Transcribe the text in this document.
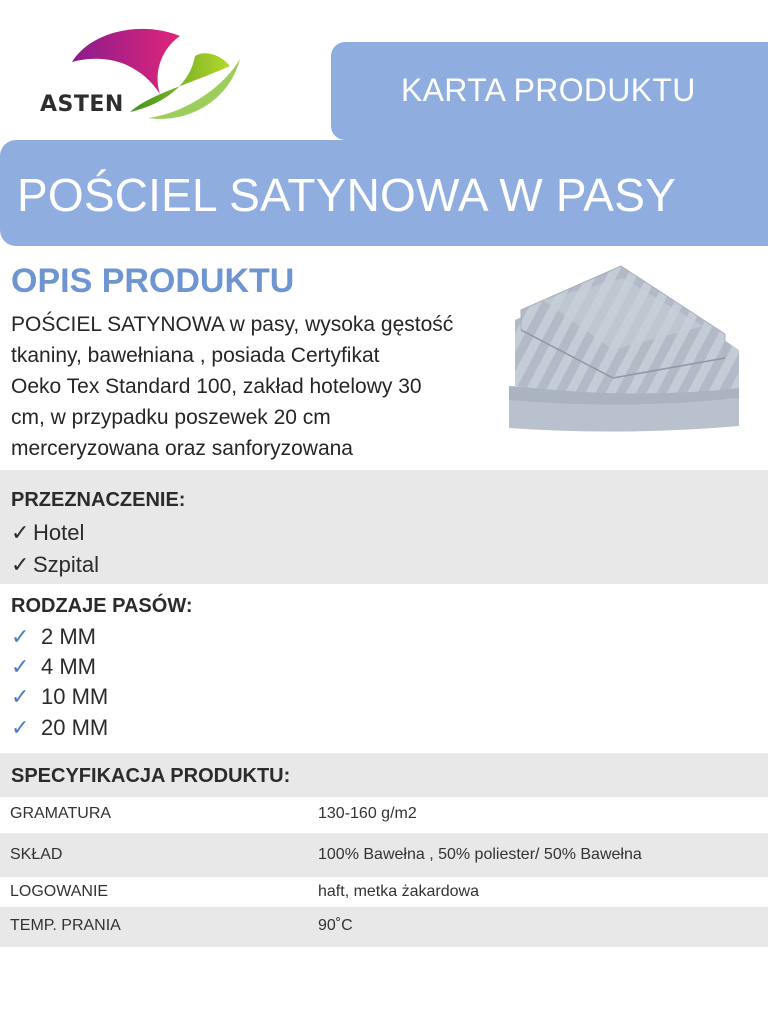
ASTEN	KARTA PRODUKTU
POŚCIEL SATYNOWA W PASY
OPIS PRODUKTU
POŚCIEL SATYNOWA w pasy, wysoka gęstość
tkaniny, bawełniana , posiada Certyfikat
Oeko Tex Standard 100, zakład hotelowy 30
cm, w przypadku poszewek 20 cm
merceryzowana oraz sanforyzowana
PRZEZNACZENIE:
✓ Hotel
✓ Szpital
RODZAJE PASÓW:
✓ 2 MM
✓ 4 MM
✓ 10 MM
✓ 20 MM
SPECYFIKACJA PRODUKTU:
GRAMATURA	130-160 g/m2
SKŁAD	100% Bawełna , 50% poliester/ 50% Bawełna
LOGOWANIE	haft, metka żakardowa
TEMP. PRANIA	90˚C
